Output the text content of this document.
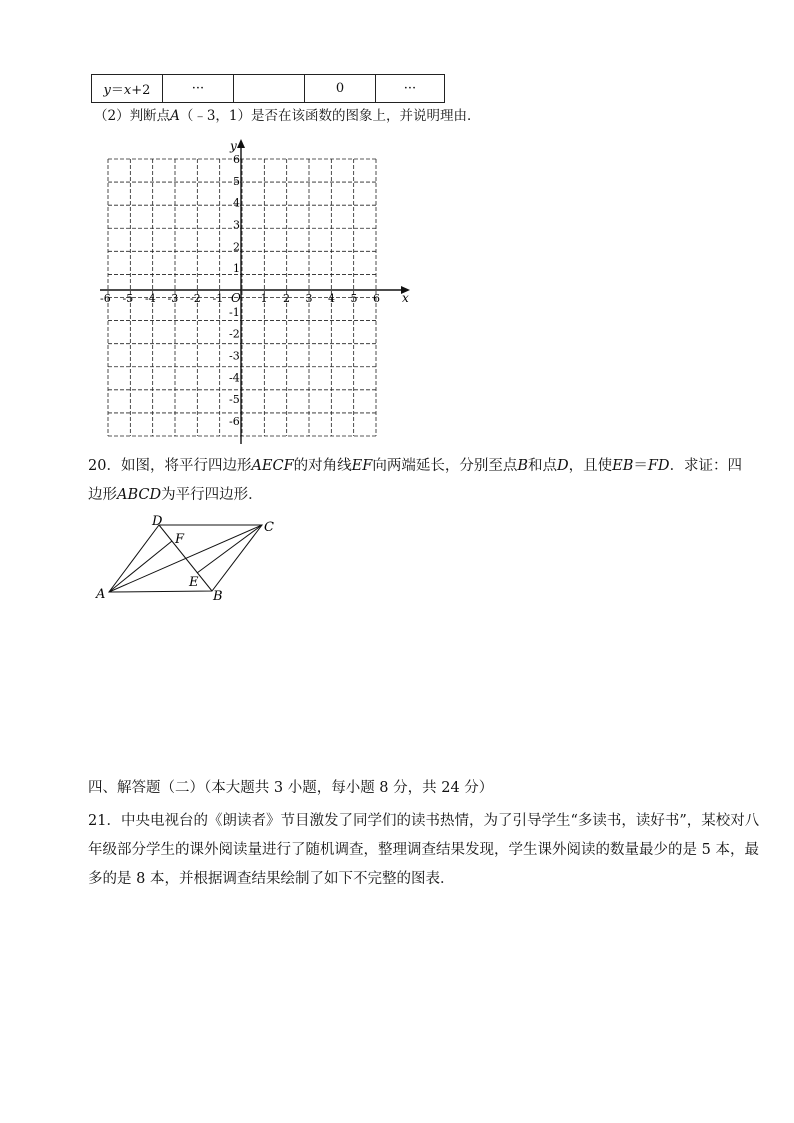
y＝x+2	···		0	···
（2）判断点A（﹣3，1）是否在该函数的图象上，并说明理由．
x
y
O
-6 -5 -4 -3 -2 -1	1 2 3 4 5 6
6
5
4
3
2
1
-1
-2
-3
-4
-5
-6
20．如图，将平行四边形AECF的对角线EF向两端延长，分别至点B和点D，且使EB＝FD．求证：四
边形ABCD为平行四边形．
D	C
F
E
A	B
四、解答题（二）（本大题共 3 小题，每小题 8 分，共 24 分）
21．中央电视台的《朗读者》节目激发了同学们的读书热情，为了引导学生“多读书，读好书”，某校对八
年级部分学生的课外阅读量进行了随机调查，整理调查结果发现，学生课外阅读的数量最少的是 5 本，最
多的是 8 本，并根据调查结果绘制了如下不完整的图表．
